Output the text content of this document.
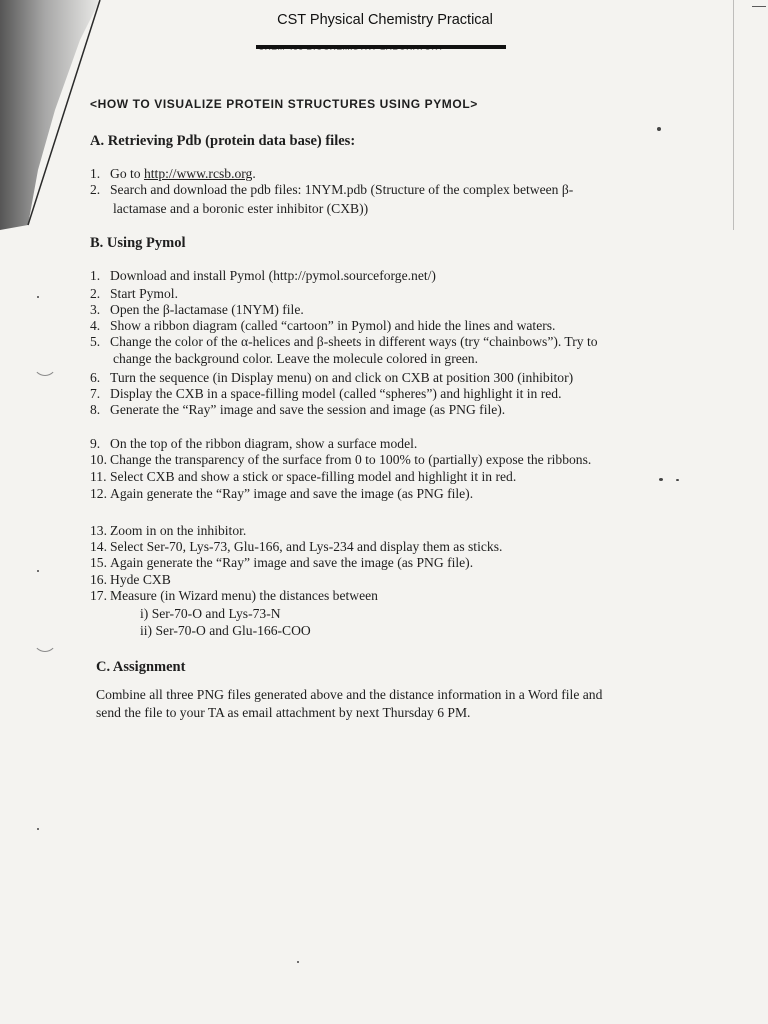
CST Physical Chemistry Practical
<HOW TO VISUALIZE PROTEIN STRUCTURES USING PYMOL>
A. Retrieving Pdb (protein data base) files:
1. Go to http://www.rcsb.org.
2. Search and download the pdb files: 1NYM.pdb (Structure of the complex between β-
lactamase and a boronic ester inhibitor (CXB))
B. Using Pymol
1. Download and install Pymol (http://pymol.sourceforge.net/)
2. Start Pymol.
3. Open the β-lactamase (1NYM) file.
4. Show a ribbon diagram (called “cartoon” in Pymol) and hide the lines and waters.
5. Change the color of the α-helices and β-sheets in different ways (try “chainbows”). Try to
change the background color. Leave the molecule colored in green.
6. Turn the sequence (in Display menu) on and click on CXB at position 300 (inhibitor)
7. Display the CXB in a space-filling model (called “spheres”) and highlight it in red.
8. Generate the “Ray” image and save the session and image (as PNG file).
9. On the top of the ribbon diagram, show a surface model.
10. Change the transparency of the surface from 0 to 100% to (partially) expose the ribbons.
11. Select CXB and show a stick or space-filling model and highlight it in red.
12. Again generate the “Ray” image and save the image (as PNG file).
13. Zoom in on the inhibitor.
14. Select Ser-70, Lys-73, Glu-166, and Lys-234 and display them as sticks.
15. Again generate the “Ray” image and save the image (as PNG file).
16. Hyde CXB
17. Measure (in Wizard menu) the distances between
i) Ser-70-O and Lys-73-N
ii) Ser-70-O and Glu-166-COO
C. Assignment
Combine all three PNG files generated above and the distance information in a Word file and
send the file to your TA as email attachment by next Thursday 6 PM.
